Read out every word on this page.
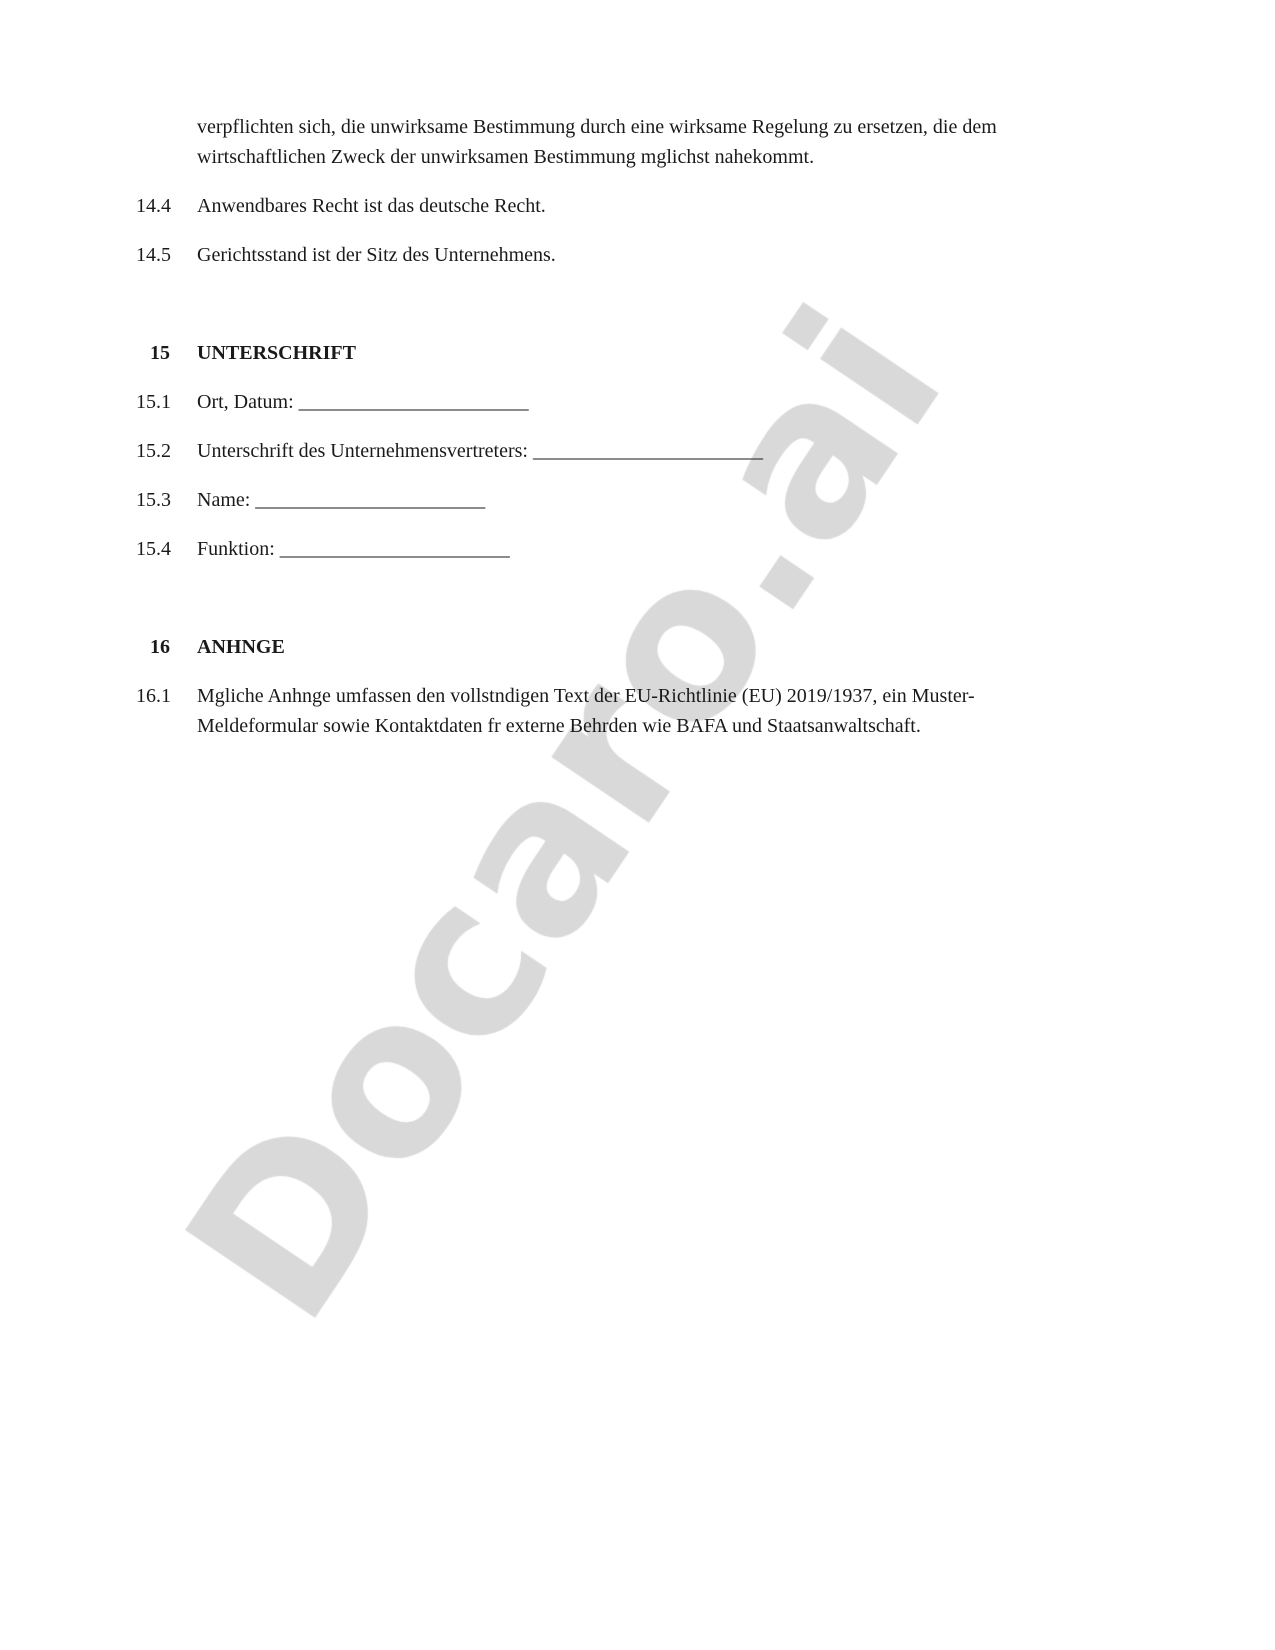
verpflichten sich, die unwirksame Bestimmung durch eine wirksame Regelung zu ersetzen, die dem wirtschaftlichen Zweck der unwirksamen Bestimmung mglichst nahekommt.
14.4	Anwendbares Recht ist das deutsche Recht.
14.5	Gerichtsstand ist der Sitz des Unternehmens.
15	UNTERSCHRIFT
15.1	Ort, Datum: _______________________
15.2	Unterschrift des Unternehmensvertreters: _______________________
15.3	Name: _______________________
15.4	Funktion: _______________________
16	ANHNGE
16.1	Mgliche Anhnge umfassen den vollstndigen Text der EU-Richtlinie (EU) 2019/1937, ein Muster-Meldeformular sowie Kontaktdaten fr externe Behrden wie BAFA und Staatsanwaltschaft.
